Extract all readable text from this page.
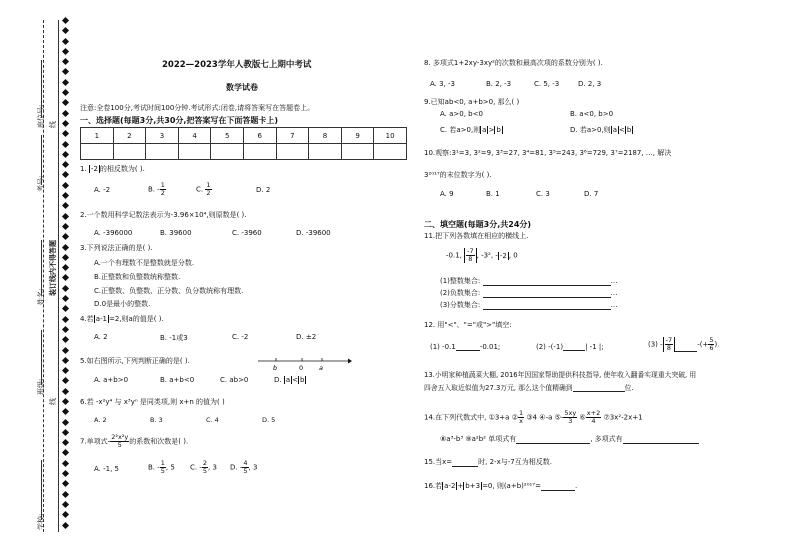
学校:
班级:
姓名:
考号:
座位号:
装订线内不得答题
线
线
2022—2023学年人教版七上期中考试
数学试卷
注意:全卷100分,考试时间100分钟.考试形式:闭卷,请将答案写在答题卷上。
一、选择题(每题3分,共30分,把答案写在下面答题卡上)
1	2	3	4	5	6	7	8	9	10

1. -2 的相反数为( ).
A. -2	B. - $\frac{1}{2}$	C. $\frac{1}{2}$	D. 2
2.一个数用科学记数法表示为-3.96×10⁴,则原数是( ).
A. -396000	B. 39600	C. -3960	D. -39600
3.下列说法正确的是( ).
A.一个有理数不是整数就是分数.
B.正整数和负整数统称整数.
C.正整数、负整数、正分数、负分数统称有理数.
D.0是最小的整数.
4.若 a-1 =2,则a的值是( ).
A. 2	B. -1或3	C. -2	D. ±2
5.如右图所示,下列判断正确的是( ).
b	0 a
A. a+b>0	B. a+b<0	C. ab>0	D. a < b
6.若 -x²y⁴ 与 x³yⁿ 是同类项,则 x+n 的值为( )
A. 2	B. 3	C. 4	D. 5
7.单项式- $\frac{\text{2²x²y}}{5}$ 的系数和次数是( ).
A. -1, 5	B. - $\frac{1}{5}$ , 5 C. - $\frac{2}{5}$ , 3 D. - $\frac{4}{5}$ , 3
8. 多项式1+2xy-3xy²的次数和最高次项的系数分别为( ).
A. 3, -3	B. 2, -3	C. 5, -3	D. 2, 3
9.已知ab<0, a+b>0, 那么( )
A. a>0, b<0	B. a<0, b>0
C. 若a>0,则 a > b	D. 若a>0,则 a < b
10.观察:3¹=3, 3²=9, 3³=27, 3⁴=81, 3⁵=243, 3⁶=729, 3⁷=2187, …, 解决
3²⁰¹⁷的末位数字为( ).
A. 9	B. 1	C. 3	D. 7
二、填空题(每题3分,共24分)
11.把下列各数填在相应的横线上.
-0.1, $\frac{-7}{8}$ , -3², - -2 , 0
(1)整数集合:	…
(2)负数集合:	…
(3)分数集合:	…
12. 用"<"、"="或">"填空:
(1) -0.1	-0.01;	(2) -(-1)	| -1 |;	$(3) - \frac{-7}{8}$	-(+ $\frac{5}{6}$ ).
13.小明家种植蔬菜大棚, 2016年因国家帮助提供科技指导, 使年收入翻番实现重大突破, 用
四舍五入取近似值为27.3万元, 那么这个值精确到	位.
14.在下列代数式中, ①3+a ② $\frac{1}{x}$ ③4 ④-a ⑤- $\frac{5xy}{3}$ ⑥ $\frac{x+2}{4}$ ⑦3x²-2x+1
⑧a³-b³ ⑨a²b² 单项式有	, 多项式有
15.当x=	时, 2-x与-7互为相反数.
16.若 a-2 + b+3 =0, 则(a+b)²⁰¹⁷=	.
